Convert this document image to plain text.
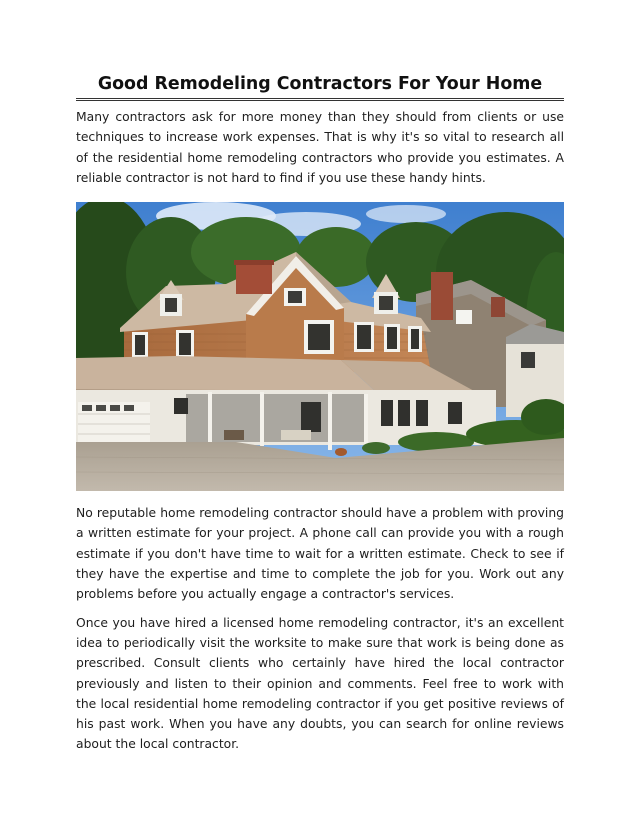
Good Remodeling Contractors For Your Home

Many contractors ask for more money than they should from clients or use techniques to increase work expenses. That is why it's so vital to research all of the residential home remodeling contractors who provide you estimates. A reliable contractor is not hard to find if you use these handy hints.

No reputable home remodeling contractor should have a problem with proving a written estimate for your project. A phone call can provide you with a rough estimate if you don't have time to wait for a written estimate. Check to see if they have the expertise and time to complete the job for you. Work out any problems before you actually engage a contractor's services.

Once you have hired a licensed home remodeling contractor, it's an excellent idea to periodically visit the worksite to make sure that work is being done as prescribed. Consult clients who certainly have hired the local contractor previously and listen to their opinion and comments. Feel free to work with the local residential home remodeling contractor if you get positive reviews of his past work. When you have any doubts, you can search for online reviews about the local contractor.
